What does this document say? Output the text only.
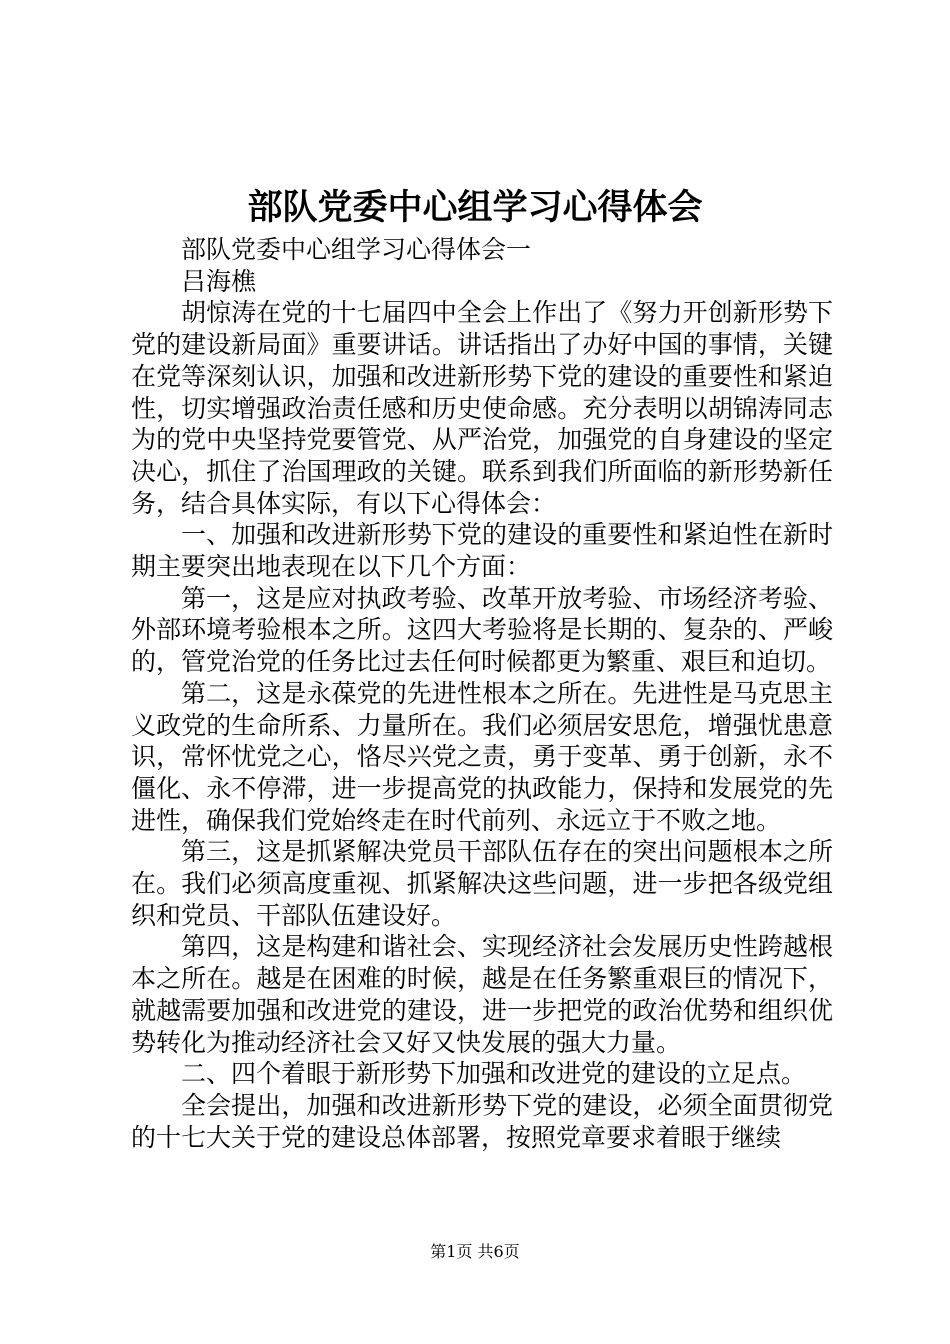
部队党委中心组学习心得体会

部队党委中心组学习心得体会一

吕海樵

胡惊涛在党的十七届四中全会上作出了《努力开创新形势下党的建设新局面》重要讲话。讲话指出了办好中国的事情，关键在党等深刻认识，加强和改进新形势下党的建设的重要性和紧迫性，切实增强政治责任感和历史使命感。充分表明以胡锦涛同志为的党中央坚持党要管党、从严治党，加强党的自身建设的坚定决心，抓住了治国理政的关键。联系到我们所面临的新形势新任务，结合具体实际，有以下心得体会：

一、加强和改进新形势下党的建设的重要性和紧迫性在新时期主要突出地表现在以下几个方面：

第一，这是应对执政考验、改革开放考验、市场经济考验、外部环境考验根本之所。这四大考验将是长期的、复杂的、严峻的，管党治党的任务比过去任何时候都更为繁重、艰巨和迫切。

第二，这是永葆党的先进性根本之所在。先进性是马克思主义政党的生命所系、力量所在。我们必须居安思危，增强忧患意识，常怀忧党之心，恪尽兴党之责，勇于变革、勇于创新，永不僵化、永不停滞，进一步提高党的执政能力，保持和发展党的先进性，确保我们党始终走在时代前列、永远立于不败之地。

第三，这是抓紧解决党员干部队伍存在的突出问题根本之所在。我们必须高度重视、抓紧解决这些问题，进一步把各级党组织和党员、干部队伍建设好。

第四，这是构建和谐社会、实现经济社会发展历史性跨越根本之所在。越是在困难的时候，越是在任务繁重艰巨的情况下，就越需要加强和改进党的建设，进一步把党的政治优势和组织优势转化为推动经济社会又好又快发展的强大力量。

二、四个着眼于新形势下加强和改进党的建设的立足点。

全会提出，加强和改进新形势下党的建设，必须全面贯彻党的十七大关于党的建设总体部署，按照党章要求着眼于继续

第1页 共6页
